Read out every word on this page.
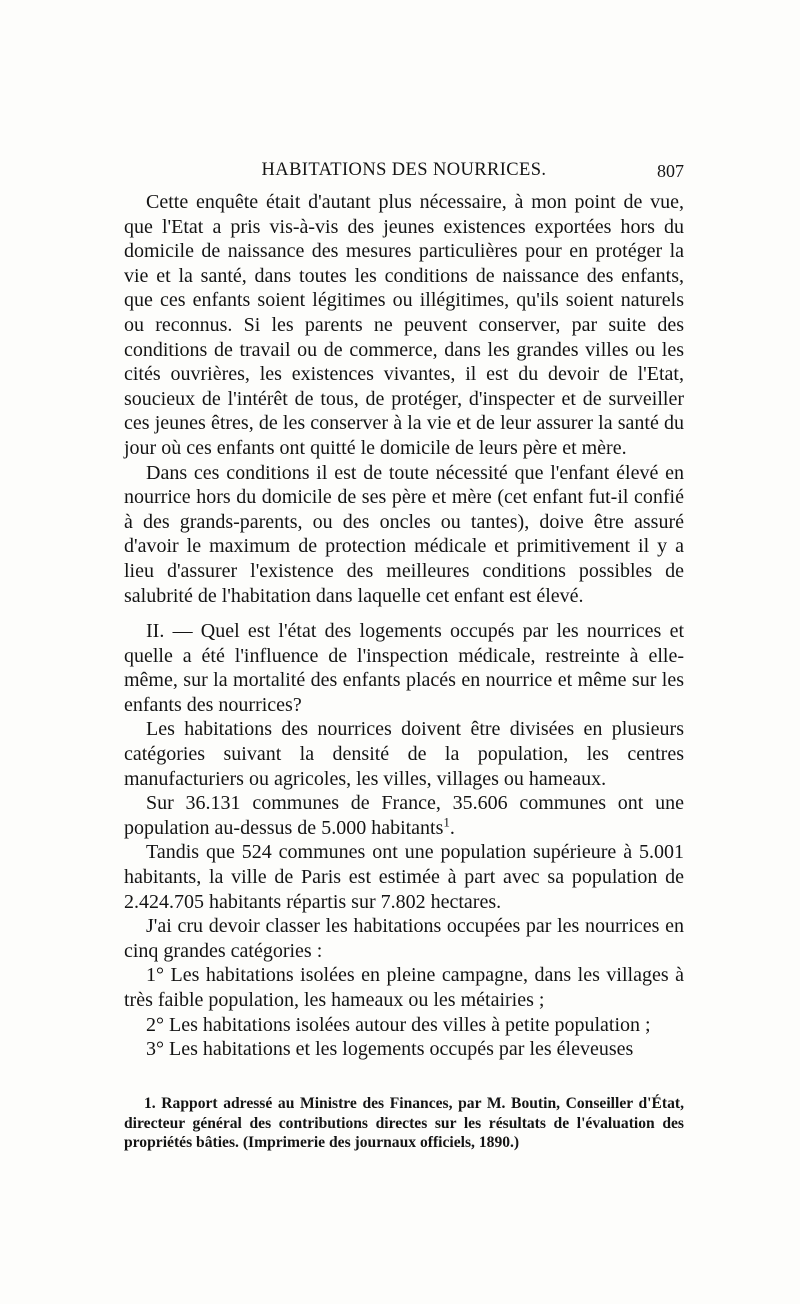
HABITATIONS DES NOURRICES.	807

Cette enquête était d'autant plus nécessaire, à mon point de vue, que l'Etat a pris vis-à-vis des jeunes existences exportées hors du domicile de naissance des mesures particulières pour en protéger la vie et la santé, dans toutes les conditions de naissance des enfants, que ces enfants soient légitimes ou illégitimes, qu'ils soient naturels ou reconnus. Si les parents ne peuvent conserver, par suite des conditions de travail ou de commerce, dans les grandes villes ou les cités ouvrières, les existences vivantes, il est du devoir de l'Etat, soucieux de l'intérêt de tous, de protéger, d'inspecter et de surveiller ces jeunes êtres, de les conserver à la vie et de leur assurer la santé du jour où ces enfants ont quitté le domicile de leurs père et mère.

Dans ces conditions il est de toute nécessité que l'enfant élevé en nourrice hors du domicile de ses père et mère (cet enfant fut-il confié à des grands-parents, ou des oncles ou tantes), doive être assuré d'avoir le maximum de protection médicale et primitivement il y a lieu d'assurer l'existence des meilleures conditions possibles de salubrité de l'habitation dans laquelle cet enfant est élevé.

II. — Quel est l'état des logements occupés par les nourrices et quelle a été l'influence de l'inspection médicale, restreinte à elle-même, sur la mortalité des enfants placés en nourrice et même sur les enfants des nourrices?

Les habitations des nourrices doivent être divisées en plusieurs catégories suivant la densité de la population, les centres manufacturiers ou agricoles, les villes, villages ou hameaux.

Sur 36.131 communes de France, 35.606 communes ont une population au-dessus de 5.000 habitants$^1$.

Tandis que 524 communes ont une population supérieure à 5.001 habitants, la ville de Paris est estimée à part avec sa population de 2.424.705 habitants répartis sur 7.802 hectares.

J'ai cru devoir classer les habitations occupées par les nourrices en cinq grandes catégories :

1° Les habitations isolées en pleine campagne, dans les villages à très faible population, les hameaux ou les métairies ;

2° Les habitations isolées autour des villes à petite population ;

3° Les habitations et les logements occupés par les éleveuses

1. Rapport adressé au Ministre des Finances, par M. Boutin, Conseiller d'État, directeur général des contributions directes sur les résultats de l'évaluation des propriétés bâties. (Imprimerie des journaux officiels, 1890.)
